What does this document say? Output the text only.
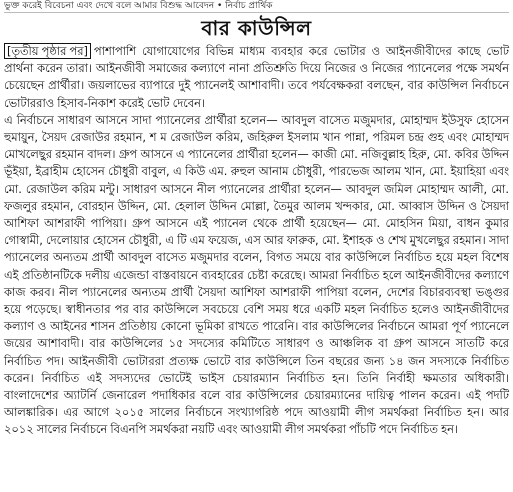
ভুক্ত করেই বিবেচনা এবং দেখে বলে আমার বিশুদ্ধ আবেদন • নির্বাচ প্রার্থিক
বার কাউন্সিল

[তৃতীয় পৃষ্ঠার পর] পাশাপাশি যোগাযোগের বিভিন্ন মাধ্যম ব্যবহার করে ভোটার ও আইনজীবীদের কাছে ভোট প্রার্থনা করেন তারা। আইনজীবী সমাজের কল্যাণে নানা প্রতিশ্রুতি দিয়ে নিজের ও নিজের প্যানেলের পক্ষে সমর্থন চেয়েছেন প্রার্থীরা। জয়লাভের ব্যাপারে দুই প্যানেলই আশাবাদী। তবে পর্যবেক্ষকরা বলছেন, বার কাউন্সিল নির্বাচনে ভোটাররাও হিসাব-নিকাশ করেই ভোট দেবেন।

এ নির্বাচনে সাধারণ আসনে সাদা প্যানেলের প্রার্থীরা হলেন— আবদুল বাসেত মজুমদার, মোহাম্মদ ইউসুফ হোসেন হুমায়ুন, সৈয়দ রেজাউর রহমান, শ ম রেজাউল করিম, জহিরুল ইসলাম খান পান্না, পরিমল চন্দ্র গুহ এবং মোহাম্মদ মোখলেছুর রহমান বাদল। গ্রুপ আসনে এ প্যানেলের প্রার্থীরা হলেন— কাজী মো. নজিবুল্লাহ হিরু, মো. কবির উদ্দিন ভূঁইয়া, ইব্রাহীম হোসেন চৌধুরী বাবুল, এ কিউ এম. রুহুল আনাম চৌধুরী, পারভেজ আলম খান, মো. ইয়াহিয়া এবং মো. রেজাউল করিম মন্টু। সাধারণ আসনে নীল প্যানেলের প্রার্থীরা হলেন— আবদুল জমিল মোহাম্মদ আলী, মো. ফজলুর রহমান, বোরহান উদ্দিন, মো. হেলাল উদ্দিন মোল্লা, তৈমুর আলম খন্দকার, মো. আব্বাস উদ্দিন ও সৈয়দা আশিফা আশরাফী পাপিয়া। গ্রুপ আসনে এই প্যানেল থেকে প্রার্থী হয়েছেন— মো. মোহসিন মিয়া, বাধন কুমার গোস্বামী, দেলোয়ার হোসেন চৌধুরী, এ টি এম ফয়েজ, এস আর ফারুক, মো. ইশাহক ও শেখ মুখলেছুর রহমান। সাদা প্যানেলের অন্যতম প্রার্থী আবদুল বাসেত মজুমদার বলেন, বিগত সময়ে বার কাউন্সিলে নির্বাচিত হয়ে মহল বিশেষ এই প্রতিষ্ঠানটিকে দলীয় এজেন্ডা বাস্তবায়নে ব্যবহারের চেষ্টা করেছে। আমরা নির্বাচিত হলে আইনজীবীদের কল্যাণে কাজ করব। নীল প্যানেলের অন্যতম প্রার্থী সৈয়দা আশিফা আশরাফী পাপিয়া বলেন, দেশের বিচারব্যবস্থা ভঙ্গুর হয়ে পড়েছে। স্বাধীনতার পর বার কাউন্সিলে সবচেয়ে বেশি সময় ধরে একটি মহল নির্বাচিত হলেও আইনজীবীদের কল্যাণ ও আইনের শাসন প্রতিষ্ঠায় কোনো ভূমিকা রাখতে পারেনি। বার কাউন্সিলের নির্বাচনে আমরা পূর্ণ প্যানেলে জয়ের আশাবাদী। বার কাউন্সিলের ১৫ সদস্যের কমিটিতে সাধারণ ও আঞ্চলিক বা গ্রুপ আসনে সাতটি করে নির্বাচিত পদ। আইনজীবী ভোটাররা প্রত্যক্ষ ভোটে বার কাউন্সিলে তিন বছরের জন্য ১৪ জন সদস্যকে নির্বাচিত করেন। নির্বাচিত এই সদস্যদের ভোটেই ভাইস চেয়ারম্যান নির্বাচিত হন। তিনি নির্বাহী ক্ষমতার অধিকারী। বাংলাদেশের অ্যাটর্নি জেনারেল পদাধিকার বলে বার কাউন্সিলের চেয়ারম্যানের দায়িত্ব পালন করেন। এই পদটি আলঙ্কারিক। এর আগে ২০১৫ সালের নির্বাচনে সংখ্যাগরিষ্ঠ পদে আওয়ামী লীগ সমর্থকরা নির্বাচিত হন। আর ২০১২ সালের নির্বাচনে বিএনপি সমর্থকরা নয়টি এবং আওয়ামী লীগ সমর্থকরা পাঁচটি পদে নির্বাচিত হন।
